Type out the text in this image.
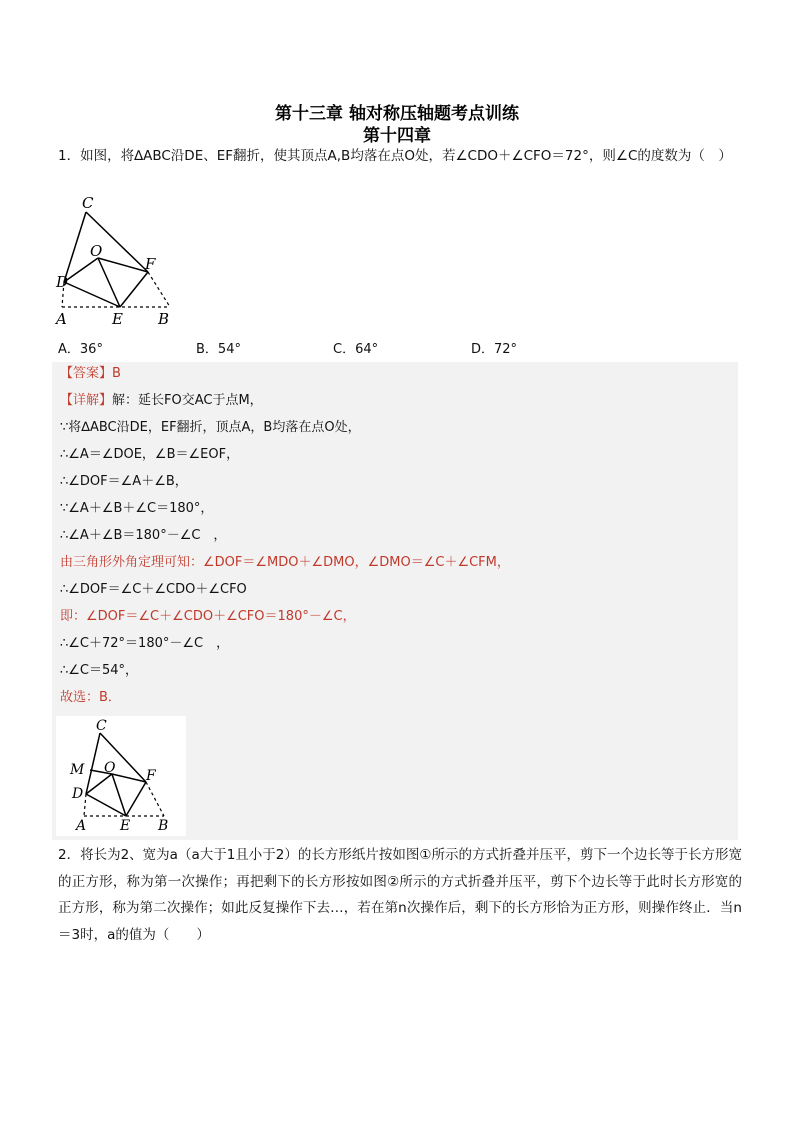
第十三章 轴对称压轴题考点训练
第十四章
1．如图，将∆ABC沿DE、EF翻折，使其顶点A,B均落在点O处，若∠CDO＋∠CFO＝72°，则∠C的度数为（　）
C
O
D
F
A	E B
A．36°	B．54°	C．64°	D．72°
【答案】B
【详解】解：延长FO交AC于点M，
∵将∆ABC沿DE，EF翻折，顶点A，B均落在点O处，
∴∠A＝∠DOE，∠B＝∠EOF，
∴∠DOF＝∠A＋∠B，
∵∠A＋∠B＋∠C＝180°，
∴∠A＋∠B＝180°－∠C　，
由三角形外角定理可知：∠DOF＝∠MDO＋∠DMO，∠DMO＝∠C＋∠CFM，
∴∠DOF＝∠C＋∠CDO＋∠CFO
即：∠DOF＝∠C＋∠CDO＋∠CFO＝180°－∠C，
∴∠C＋72°＝180°－∠C　，
∴∠C＝54°，
故选：B．
C
M O
D
F
A E B
2．将长为2、宽为a（a大于1且小于2）的长方形纸片按如图①所示的方式折叠并压平，剪下一个边长等于长方形宽的正方形，称为第一次操作；再把剩下的长方形按如图②所示的方式折叠并压平，剪下个边长等于此时长方形宽的正方形，称为第二次操作；如此反复操作下去…，若在第n次操作后，剩下的长方形恰为正方形，则操作终止．当n＝3时，a的值为（　　）
